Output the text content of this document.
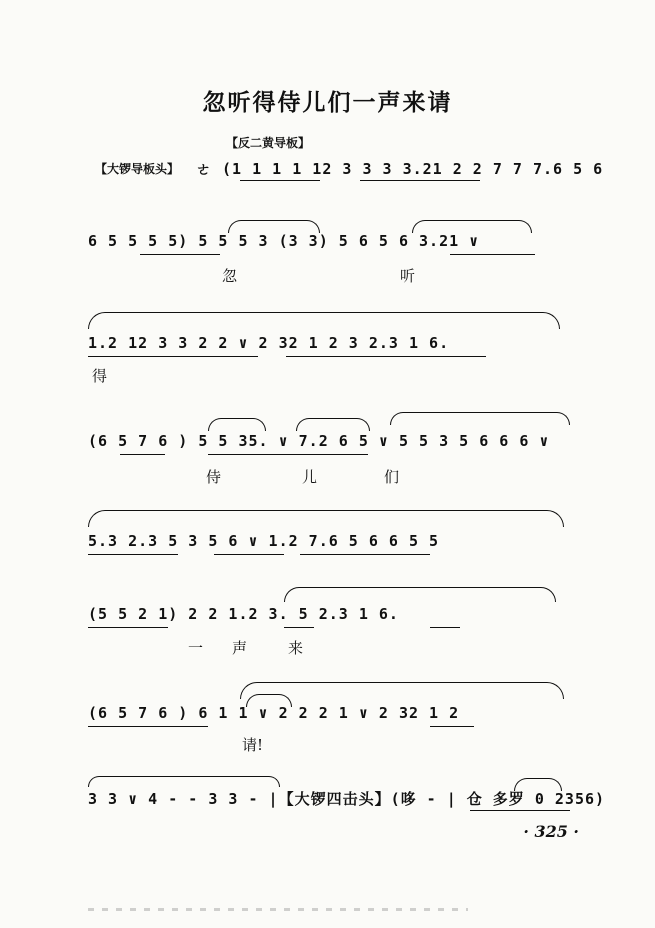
忽听得侍儿们一声来请
【反二黄导板】
【大锣导板头】 ㄜ (1 1 1 1 12 3 3 3 3.21 2 2 7 7 7.6 5 6
6 5 5 5 5) 5 5 5 3 (3 3) 5 6 5 6 3.21 ∨
忽	听
1.2 12 3 3 2 2 ∨ 2 32 1 2 3 2.3 1 6.
得
(6 5 7 6 ) 5 5 35. ∨ 7.2 6 5 ∨ 5 5 3 5 6 6 6 ∨
侍	儿	们
5.3 2.3 5 3 5 6 ∨ 1.2 7.6 5 6 6 5 5
(5 5 2 1) 2 2 1.2 3. 5 2.3 1 6.
一 声	来
(6 5 7 6 ) 6 1 1 ∨ 2 2 2 1 ∨ 2 32 1 2
请!
3 3 ∨ 4 - - 3 3 - |【大锣四击头】(哆 - | 仓 多罗 0 2356)
· 325 ·
